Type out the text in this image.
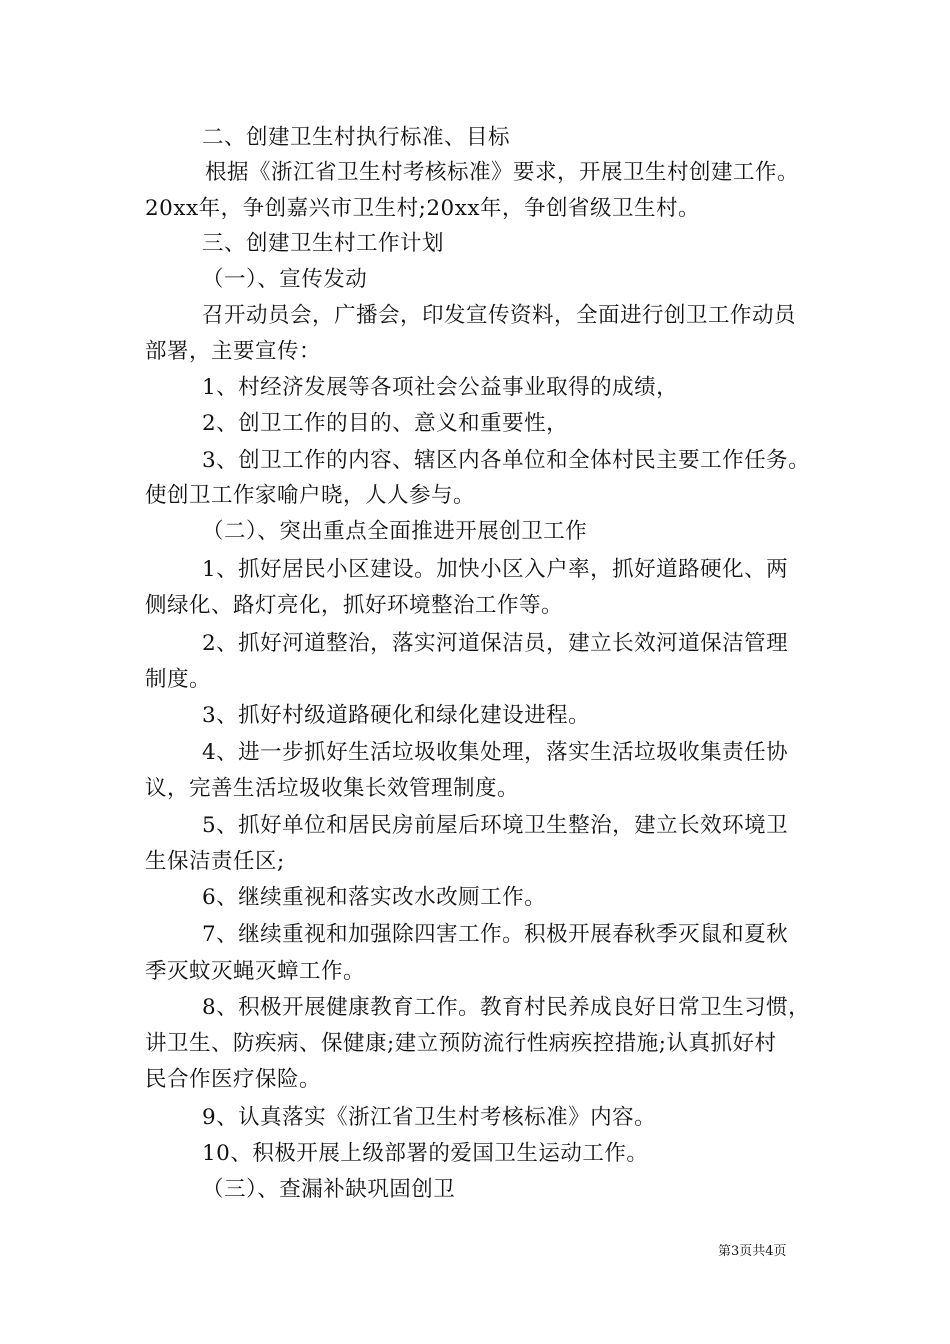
二、创建卫生村执行标准、目标
根据《浙江省卫生村考核标准》要求，开展卫生村创建工作。
20xx年，争创嘉兴市卫生村;20xx年，争创省级卫生村。
三、创建卫生村工作计划
（一）、宣传发动
召开动员会，广播会，印发宣传资料，全面进行创卫工作动员
部署，主要宣传：
1、村经济发展等各项社会公益事业取得的成绩，
2、创卫工作的目的、意义和重要性，
3、创卫工作的内容、辖区内各单位和全体村民主要工作任务。
使创卫工作家喻户晓，人人参与。
（二）、突出重点全面推进开展创卫工作
1、抓好居民小区建设。加快小区入户率，抓好道路硬化、两
侧绿化、路灯亮化，抓好环境整治工作等。
2、抓好河道整治，落实河道保洁员，建立长效河道保洁管理
制度。
3、抓好村级道路硬化和绿化建设进程。
4、进一步抓好生活垃圾收集处理，落实生活垃圾收集责任协
议，完善生活垃圾收集长效管理制度。
5、抓好单位和居民房前屋后环境卫生整治，建立长效环境卫
生保洁责任区;
6、继续重视和落实改水改厕工作。
7、继续重视和加强除四害工作。积极开展春秋季灭鼠和夏秋
季灭蚊灭蝇灭蟑工作。
8、积极开展健康教育工作。教育村民养成良好日常卫生习惯，
讲卫生、防疾病、保健康;建立预防流行性病疾控措施;认真抓好村
民合作医疗保险。
9、认真落实《浙江省卫生村考核标准》内容。
10、积极开展上级部署的爱国卫生运动工作。
（三）、查漏补缺巩固创卫
第3页共4页
